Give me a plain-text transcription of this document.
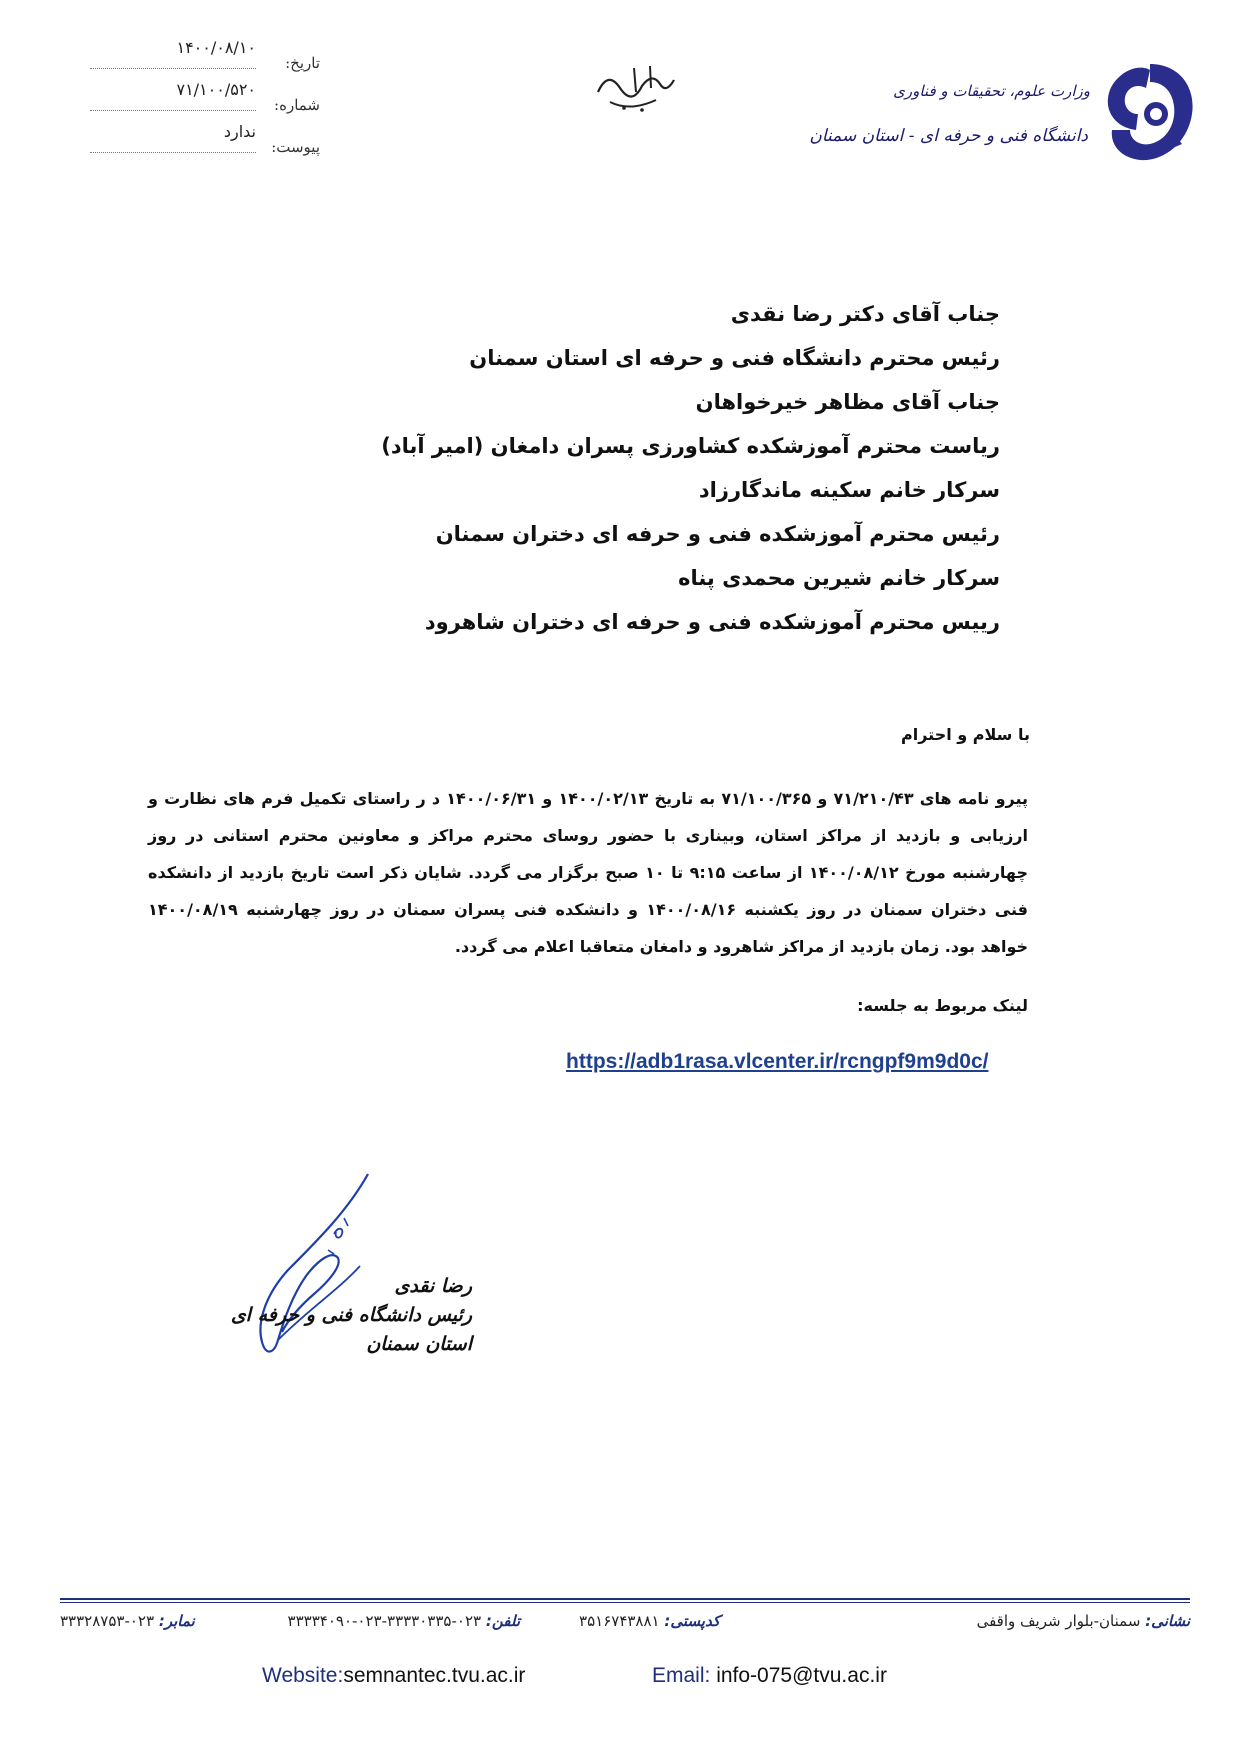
تاریخ:
۱۴۰۰/۰۸/۱۰
شماره:
۷۱/۱۰۰/۵۲۰
پیوست:
ندارد
وزارت علوم، تحقیقات و فناوری
دانشگاه فنی و حرفه ای - استان سمنان
جناب آقای دکتر رضا نقدی
رئیس محترم دانشگاه فنی و حرفه ای استان سمنان
جناب آقای مظاهر خیرخواهان
ریاست محترم آموزشکده کشاورزی پسران دامغان (امیر آباد)
سرکار خانم سکینه ماندگارزاد
رئیس محترم آموزشکده فنی و حرفه ای دختران سمنان
سرکار خانم شیرین محمدی پناه
رییس محترم آموزشکده فنی و حرفه ای دختران شاهرود
با سلام و احترام

پیرو نامه های ۷۱/۲۱۰/۴۳ و ۷۱/۱۰۰/۳۶۵ به تاریخ ۱۴۰۰/۰۲/۱۳ و ۱۴۰۰/۰۶/۳۱ د ر راستای تکمیل فرم های نظارت و ارزیابی و بازدید از مراکز استان، وبیناری با حضور روسای محترم مراکز و معاونین محترم استانی در روز چهارشنبه مورخ ۱۴۰۰/۰۸/۱۲ از ساعت ۹:۱۵ تا ۱۰ صبح برگزار می گردد. شایان ذکر است تاریخ بازدید از دانشکده فنی دختران سمنان در روز یکشنبه ۱۴۰۰/۰۸/۱۶ و دانشکده فنی پسران سمنان در روز چهارشنبه ۱۴۰۰/۰۸/۱۹ خواهد بود. زمان بازدید از مراکز شاهرود و دامغان متعاقبا اعلام می گردد.

لینک مربوط به جلسه:
https://adb1rasa.vlcenter.ir/rcngpf9m9d0c/
رضا نقدی
رئیس دانشگاه فنی و حرفه ای
استان سمنان
نشانی: سمنان-بلوار شریف واقفی
کدپستی: ۳۵۱۶۷۴۳۸۸۱
تلفن: ۰۲۳-۳۳۳۳۰۳۳۵-۰۲۳-۳۳۳۳۴۰۹۰
نمابر: ۰۲۳-۳۳۳۲۸۷۵۳
Website:semnantec.tvu.ac.ir	Email: info-075@tvu.ac.ir
